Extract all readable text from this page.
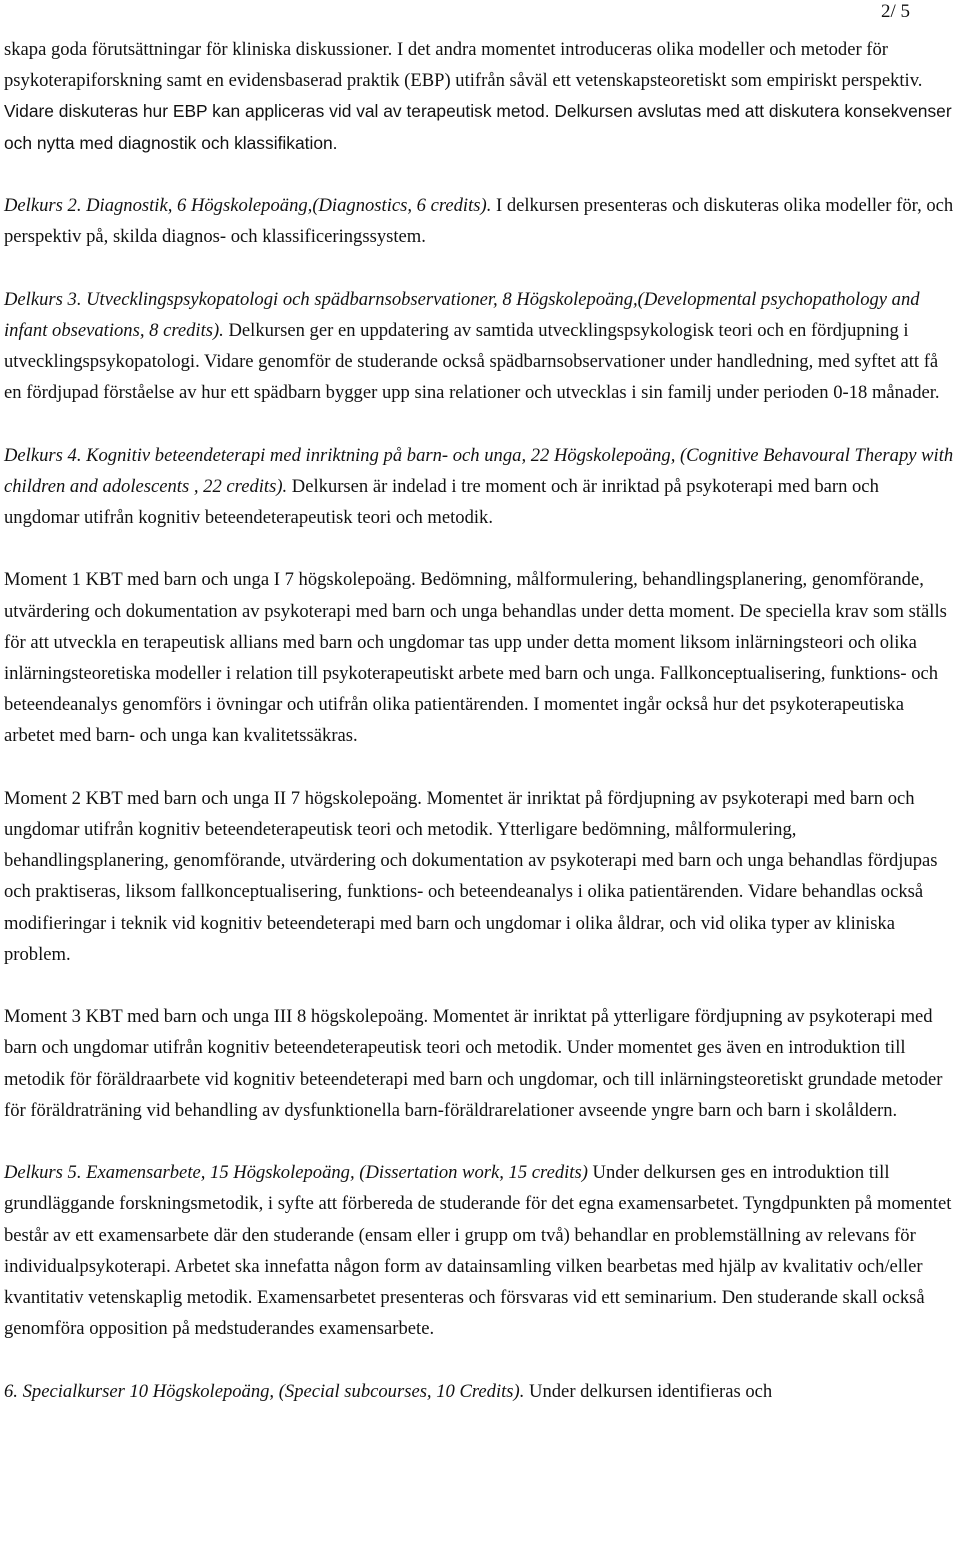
2/ 5

skapa goda förutsättningar för kliniska diskussioner. I det andra momentet introduceras olika modeller och metoder för psykoterapiforskning samt en evidensbaserad praktik (EBP) utifrån såväl ett vetenskapsteoretiskt som empiriskt perspektiv. Vidare diskuteras hur EBP kan appliceras vid val av terapeutisk metod. Delkursen avslutas med att diskutera konsekvenser och nytta med diagnostik och klassifikation.

Delkurs 2. Diagnostik, 6 Högskolepoäng,(Diagnostics, 6 credits). I delkursen presenteras och diskuteras olika modeller för, och perspektiv på, skilda diagnos- och klassificeringssystem.

Delkurs 3. Utvecklingspsykopatologi och spädbarnsobservationer, 8 Högskolepoäng,(Developmental psychopathology and infant obsevations, 8 credits). Delkursen ger en uppdatering av samtida utvecklingspsykologisk teori och en fördjupning i utvecklingspsykopatologi. Vidare genomför de studerande också spädbarnsobservationer under handledning, med syftet att få en fördjupad förståelse av hur ett spädbarn bygger upp sina relationer och utvecklas i sin familj under perioden 0-18 månader.

Delkurs 4. Kognitiv beteendeterapi med inriktning på barn- och unga, 22 Högskolepoäng, (Cognitive Behavoural Therapy with children and adolescents , 22 credits). Delkursen är indelad i tre moment och är inriktad på psykoterapi med barn och ungdomar utifrån kognitiv beteendeterapeutisk teori och metodik.

Moment 1 KBT med barn och unga I 7 högskolepoäng. Bedömning, målformulering, behandlingsplanering, genomförande, utvärdering och dokumentation av psykoterapi med barn och unga behandlas under detta moment. De speciella krav som ställs för att utveckla en terapeutisk allians med barn och ungdomar tas upp under detta moment liksom inlärningsteori och olika inlärningsteoretiska modeller i relation till psykoterapeutiskt arbete med barn och unga. Fallkonceptualisering, funktions- och beteendeanalys genomförs i övningar och utifrån olika patientärenden. I momentet ingår också hur det psykoterapeutiska arbetet med barn- och unga kan kvalitetssäkras.

Moment 2 KBT med barn och unga II 7 högskolepoäng. Momentet är inriktat på fördjupning av psykoterapi med barn och ungdomar utifrån kognitiv beteendeterapeutisk teori och metodik. Ytterligare bedömning, målformulering, behandlingsplanering, genomförande, utvärdering och dokumentation av psykoterapi med barn och unga behandlas fördjupas och praktiseras, liksom fallkonceptualisering, funktions- och beteendeanalys i olika patientärenden. Vidare behandlas också modifieringar i teknik vid kognitiv beteendeterapi med barn och ungdomar i olika åldrar, och vid olika typer av kliniska problem.

Moment 3 KBT med barn och unga III 8 högskolepoäng. Momentet är inriktat på ytterligare fördjupning av psykoterapi med barn och ungdomar utifrån kognitiv beteendeterapeutisk teori och metodik. Under momentet ges även en introduktion till metodik för föräldraarbete vid kognitiv beteendeterapi med barn och ungdomar, och till inlärningsteoretiskt grundade metoder för föräldraträning vid behandling av dysfunktionella barn-föräldrarelationer avseende yngre barn och barn i skolåldern.

Delkurs 5. Examensarbete, 15 Högskolepoäng, (Dissertation work, 15 credits) Under delkursen ges en introduktion till grundläggande forskningsmetodik, i syfte att förbereda de studerande för det egna examensarbetet. Tyngdpunkten på momentet består av ett examensarbete där den studerande (ensam eller i grupp om två) behandlar en problemställning av relevans för individualpsykoterapi. Arbetet ska innefatta någon form av datainsamling vilken bearbetas med hjälp av kvalitativ och/eller kvantitativ vetenskaplig metodik. Examensarbetet presenteras och försvaras vid ett seminarium. Den studerande skall också genomföra opposition på medstuderandes examensarbete.

6. Specialkurser 10 Högskolepoäng, (Special subcourses, 10 Credits). Under delkursen identifieras och
